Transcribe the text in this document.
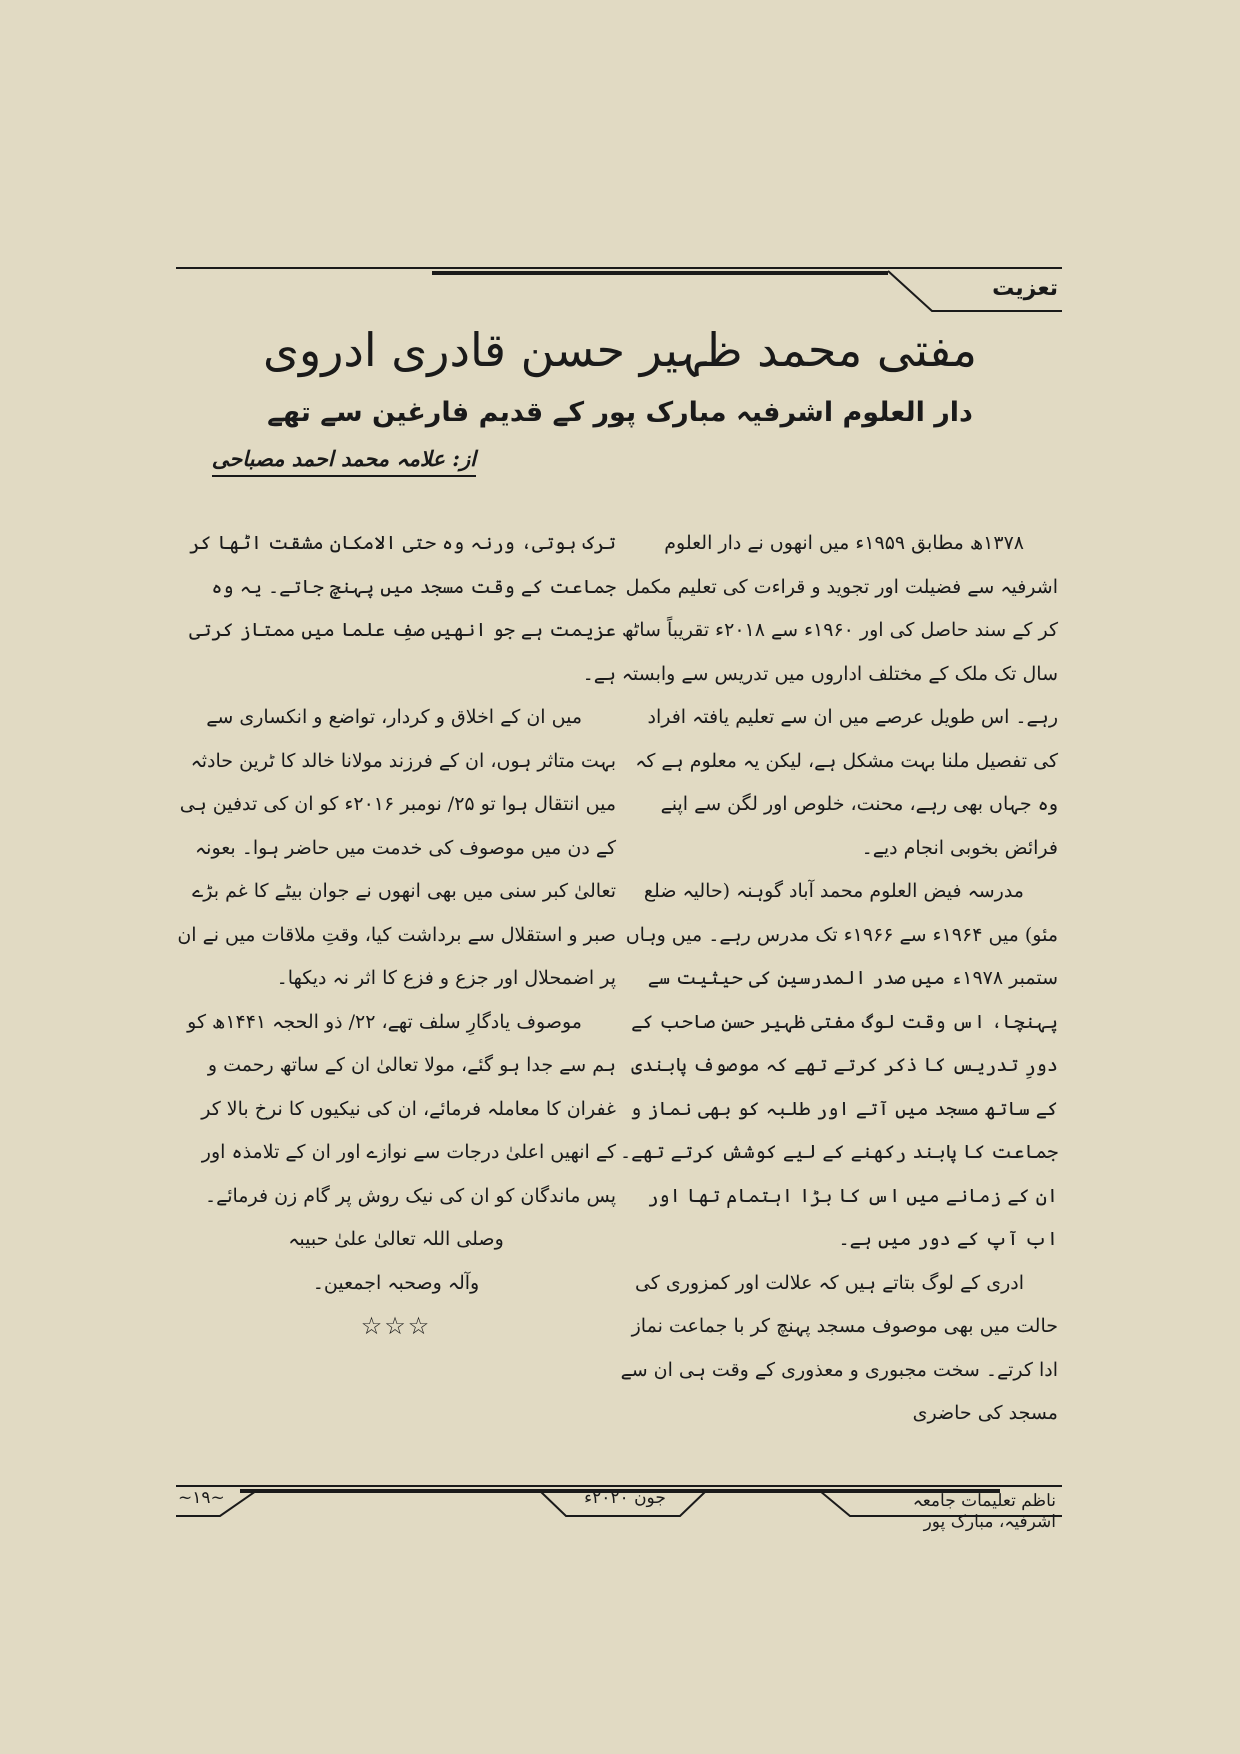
تعزیت
مفتی محمد ظہیر حسن قادری ادروی
دار العلوم اشرفیہ مبارک پور کے قدیم فارغین سے تھے
از: علامہ محمد احمد مصباحی

۱۳۷۸ھ مطابق ۱۹۵۹ء میں انھوں نے دار العلوم اشرفیہ سے فضیلت اور تجوید و قراءت کی تعلیم مکمل کر کے سند حاصل کی اور ۱۹۶۰ء سے ۲۰۱۸ء تقریباً ساٹھ سال تک ملک کے مختلف اداروں میں تدریس سے وابستہ رہے۔ اس طویل عرصے میں ان سے تعلیم یافتہ افراد کی تفصیل ملنا بہت مشکل ہے، لیکن یہ معلوم ہے کہ وہ جہاں بھی رہے، محنت، خلوص اور لگن سے اپنے فرائض بخوبی انجام دیے۔

مدرسہ فیض العلوم محمد آباد گوہنہ (حالیہ ضلع مئو) میں ۱۹۶۴ء سے ۱۹۶۶ء تک مدرس رہے۔ میں وہاں ستمبر ۱۹۷۸ء میں صدر المدرسین کی حیثیت سے پہنچا، اس وقت لوگ مفتی ظہیر حسن صاحب کے دورِ تدریس کا ذکر کرتے تھے کہ موصوف پابندی کے ساتھ مسجد میں آتے اور طلبہ کو بھی نماز و جماعت کا پابند رکھنے کے لیے کوشش کرتے تھے۔ ان کے زمانے میں اس کا بڑا اہتمام تھا اور اب آپ کے دور میں ہے۔

ادری کے لوگ بتاتے ہیں کہ علالت اور کمزوری کی حالت میں بھی موصوف مسجد پہنچ کر با جماعت نماز ادا کرتے۔ سخت مجبوری و معذوری کے وقت ہی ان سے مسجد کی حاضری

ترک ہوتی، ورنہ وہ حتی الامکان مشقت اٹھا کر جماعت کے وقت مسجد میں پہنچ جاتے۔ یہ وہ عزیمت ہے جو انھیں صفِ علما میں ممتاز کرتی ہے۔

میں ان کے اخلاق و کردار، تواضع و انکساری سے بہت متاثر ہوں، ان کے فرزند مولانا خالد کا ٹرین حادثہ میں انتقال ہوا تو ۲۵/ نومبر ۲۰۱۶ء کو ان کی تدفین ہی کے دن میں موصوف کی خدمت میں حاضر ہوا۔ بعونہ تعالیٰ کبر سنی میں بھی انھوں نے جوان بیٹے کا غم بڑے صبر و استقلال سے برداشت کیا، وقتِ ملاقات میں نے ان پر اضمحلال اور جزع و فزع کا اثر نہ دیکھا۔

موصوف یادگارِ سلف تھے، ۲۲/ ذو الحجہ ۱۴۴۱ھ کو ہم سے جدا ہو گئے، مولا تعالیٰ ان کے ساتھ رحمت و غفران کا معاملہ فرمائے، ان کی نیکیوں کا نرخ بالا کر کے انھیں اعلیٰ درجات سے نوازے اور ان کے تلامذہ اور پس ماندگان کو ان کی نیک روش پر گام زن فرمائے۔

وصلی اللہ تعالیٰ علیٰ حبیبہ

وآلہ وصحبہ اجمعین۔

☆☆☆

ناظم تعلیمات جامعہ اشرفیہ، مبارک پور
جون ۲۰۲۰ء
~۱۹~
